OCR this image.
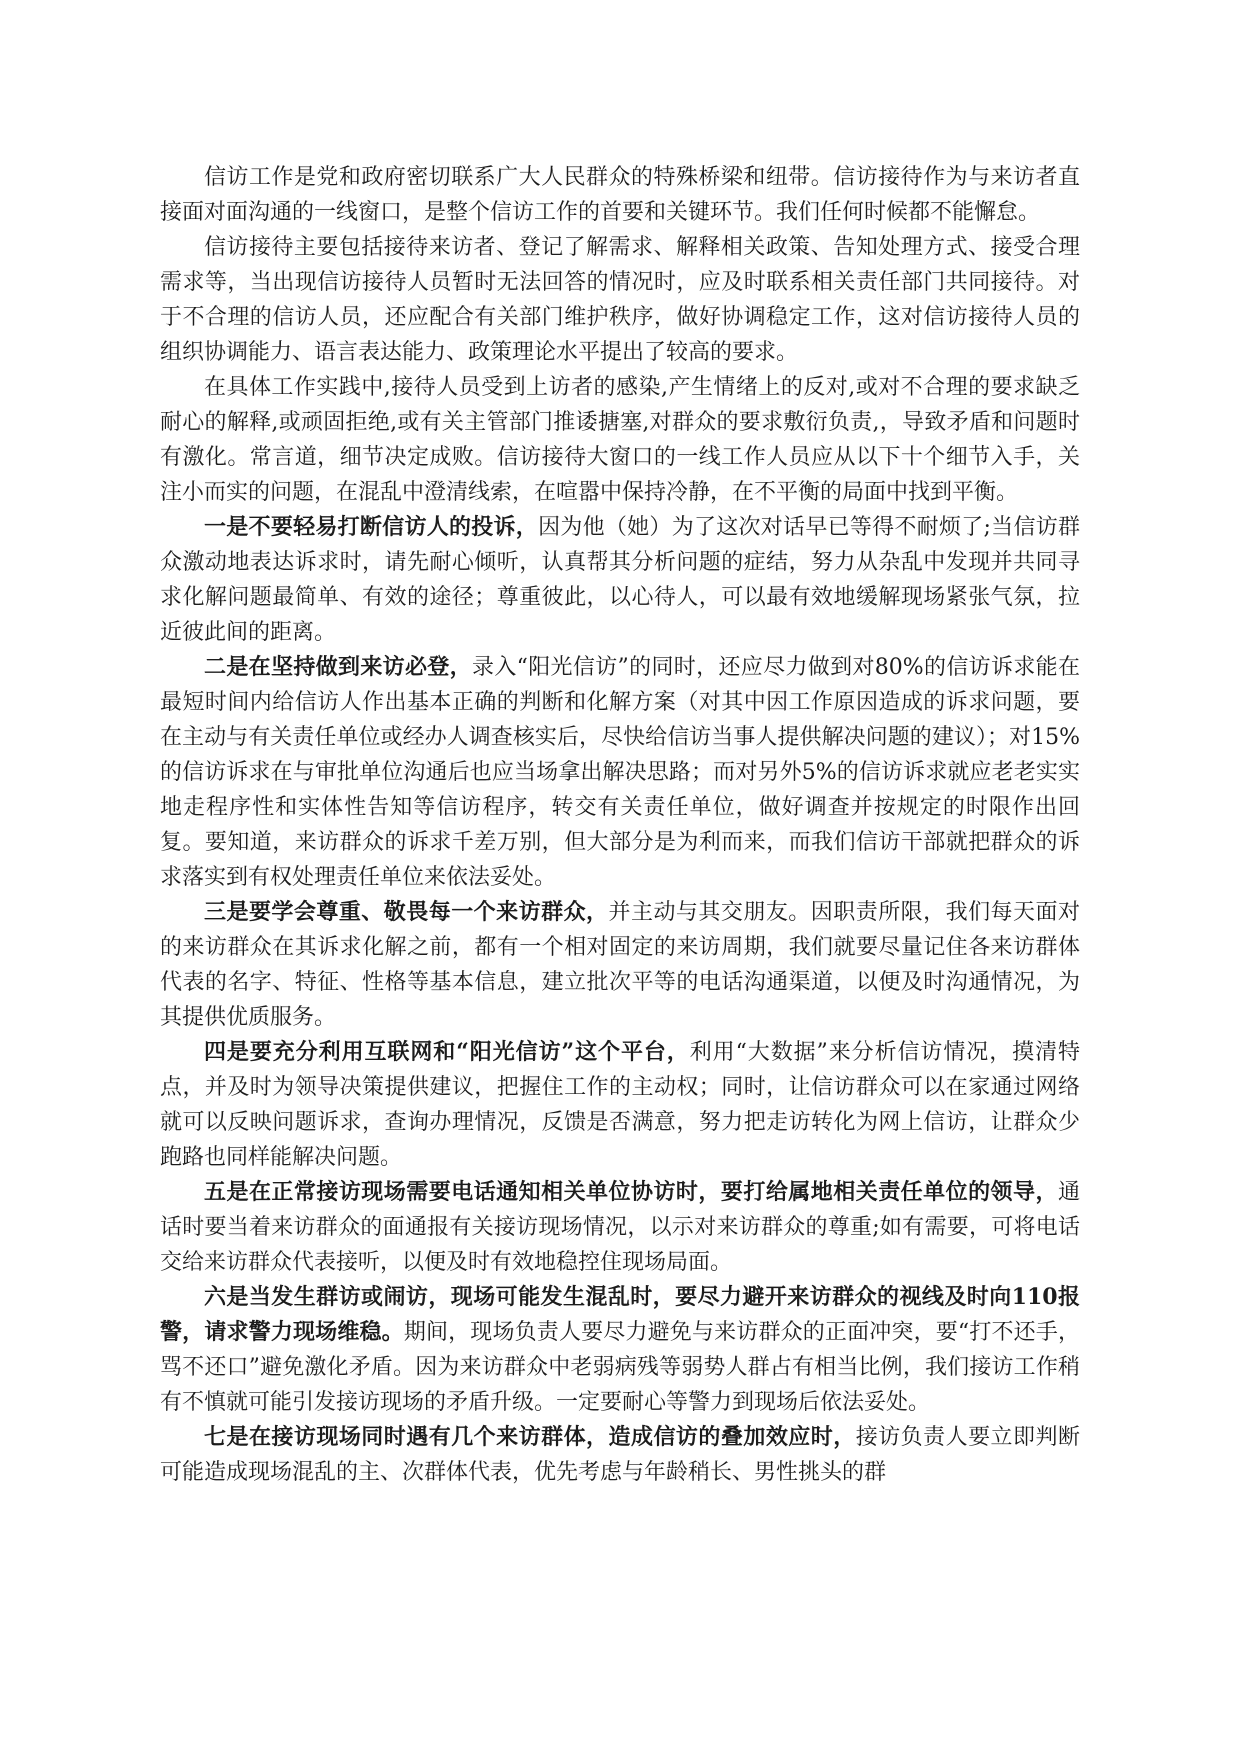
信访工作是党和政府密切联系广大人民群众的特殊桥梁和纽带。信访接待作为与来访者直接面对面沟通的一线窗口，是整个信访工作的首要和关键环节。我们任何时候都不能懈怠。

信访接待主要包括接待来访者、登记了解需求、解释相关政策、告知处理方式、接受合理需求等，当出现信访接待人员暂时无法回答的情况时，应及时联系相关责任部门共同接待。对于不合理的信访人员，还应配合有关部门维护秩序，做好协调稳定工作，这对信访接待人员的组织协调能力、语言表达能力、政策理论水平提出了较高的要求。

在具体工作实践中,接待人员受到上访者的感染,产生情绪上的反对,或对不合理的要求缺乏耐心的解释,或顽固拒绝,或有关主管部门推诿搪塞,对群众的要求敷衍负责,，导致矛盾和问题时有激化。常言道，细节决定成败。信访接待大窗口的一线工作人员应从以下十个细节入手，关注小而实的问题，在混乱中澄清线索，在喧嚣中保持冷静，在不平衡的局面中找到平衡。

一是不要轻易打断信访人的投诉，因为他（她）为了这次对话早已等得不耐烦了;当信访群众激动地表达诉求时，请先耐心倾听，认真帮其分析问题的症结，努力从杂乱中发现并共同寻求化解问题最简单、有效的途径；尊重彼此，以心待人，可以最有效地缓解现场紧张气氛，拉近彼此间的距离。

二是在坚持做到来访必登，录入“阳光信访”的同时，还应尽力做到对80%的信访诉求能在最短时间内给信访人作出基本正确的判断和化解方案（对其中因工作原因造成的诉求问题，要在主动与有关责任单位或经办人调查核实后，尽快给信访当事人提供解决问题的建议）；对15%的信访诉求在与审批单位沟通后也应当场拿出解决思路；而对另外5%的信访诉求就应老老实实地走程序性和实体性告知等信访程序，转交有关责任单位，做好调查并按规定的时限作出回复。要知道，来访群众的诉求千差万别，但大部分是为利而来，而我们信访干部就把群众的诉求落实到有权处理责任单位来依法妥处。

三是要学会尊重、敬畏每一个来访群众，并主动与其交朋友。因职责所限，我们每天面对的来访群众在其诉求化解之前，都有一个相对固定的来访周期，我们就要尽量记住各来访群体代表的名字、特征、性格等基本信息，建立批次平等的电话沟通渠道，以便及时沟通情况，为其提供优质服务。

四是要充分利用互联网和“阳光信访”这个平台，利用“大数据”来分析信访情况，摸清特点，并及时为领导决策提供建议，把握住工作的主动权；同时，让信访群众可以在家通过网络就可以反映问题诉求，查询办理情况，反馈是否满意，努力把走访转化为网上信访，让群众少跑路也同样能解决问题。

五是在正常接访现场需要电话通知相关单位协访时，要打给属地相关责任单位的领导，通话时要当着来访群众的面通报有关接访现场情况，以示对来访群众的尊重;如有需要，可将电话交给来访群众代表接听，以便及时有效地稳控住现场局面。

六是当发生群访或闹访，现场可能发生混乱时，要尽力避开来访群众的视线及时向110报警，请求警力现场维稳。期间，现场负责人要尽力避免与来访群众的正面冲突，要“打不还手，骂不还口”避免激化矛盾。因为来访群众中老弱病残等弱势人群占有相当比例，我们接访工作稍有不慎就可能引发接访现场的矛盾升级。一定要耐心等警力到现场后依法妥处。

七是在接访现场同时遇有几个来访群体，造成信访的叠加效应时，接访负责人要立即判断可能造成现场混乱的主、次群体代表，优先考虑与年龄稍长、男性挑头的群
